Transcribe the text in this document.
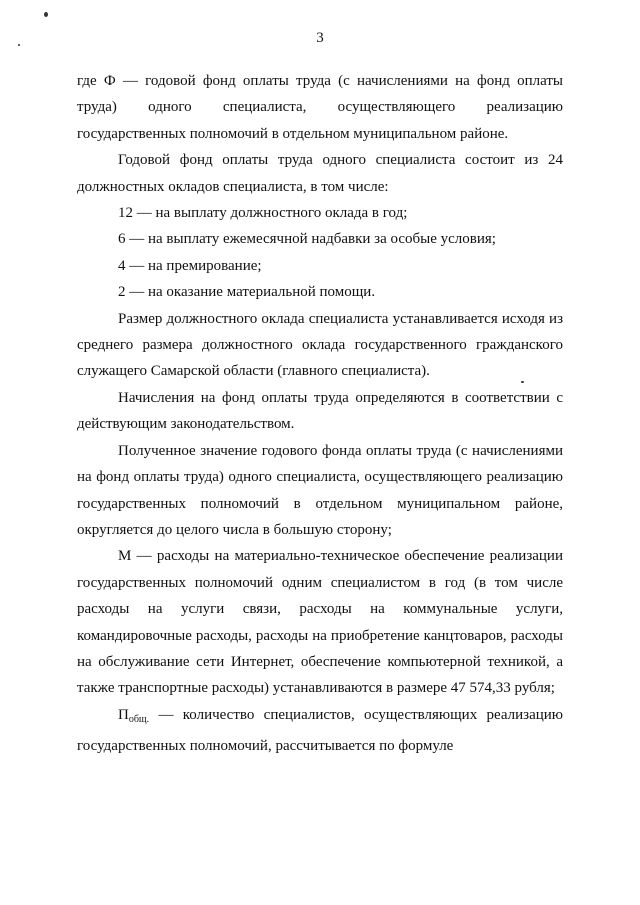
3

где Ф — годовой фонд оплаты труда (с начислениями на фонд оплаты труда) одного специалиста, осуществляющего реализацию государственных полномочий в отдельном муниципальном районе.

Годовой фонд оплаты труда одного специалиста состоит из 24 должностных окладов специалиста, в том числе:

12 — на выплату должностного оклада в год;

6 — на выплату ежемесячной надбавки за особые условия;

4 — на премирование;

2 — на оказание материальной помощи.

Размер должностного оклада специалиста устанавливается исходя из среднего размера должностного оклада государственного гражданского служащего Самарской области (главного специалиста).

Начисления на фонд оплаты труда определяются в соответствии с действующим законодательством.

Полученное значение годового фонда оплаты труда (с начислениями на фонд оплаты труда) одного специалиста, осуществляющего реализацию государственных полномочий в отдельном муниципальном районе, округляется до целого числа в большую сторону;

М — расходы на материально-техническое обеспечение реализации государственных полномочий одним специалистом в год (в том числе расходы на услуги связи, расходы на коммунальные услуги, командировочные расходы, расходы на приобретение канцтоваров, расходы на обслуживание сети Интернет, обеспечение компьютерной техникой, а также транспортные расходы) устанавливаются в размере 47 574,33 рубля;

$П_{общ.}$ — количество специалистов, осуществляющих реализацию государственных полномочий, рассчитывается по формуле
